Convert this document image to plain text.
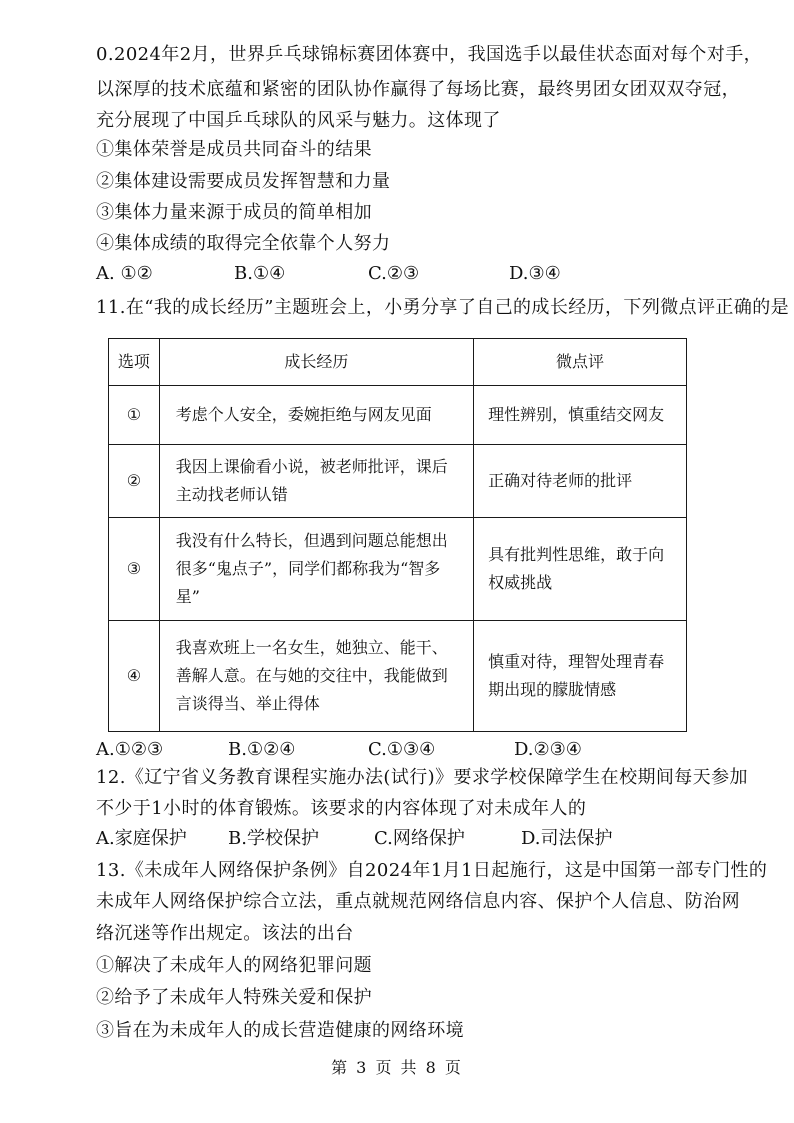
0.2024年2月，世界乒乓球锦标赛团体赛中，我国选手以最佳状态面对每个对手，
以深厚的技术底蕴和紧密的团队协作赢得了每场比赛，最终男团女团双双夺冠，
充分展现了中国乒乓球队的风采与魅力。这体现了
①集体荣誉是成员共同奋斗的结果
②集体建设需要成员发挥智慧和力量
③集体力量来源于成员的简单相加
④集体成绩的取得完全依靠个人努力
A. ①②	B.①④	C.②③	D.③④
11.在“我的成长经历”主题班会上，小勇分享了自己的成长经历，下列微点评正确的是
选项	成长经历	微点评
①	考虑个人安全，委婉拒绝与网友见面	理性辨别，慎重结交网友
②	我因上课偷看小说，被老师批评，课后主动找老师认错	正确对待老师的批评
③	我没有什么特长，但遇到问题总能想出很多“鬼点子”，同学们都称我为“智多星”	具有批判性思维，敢于向权威挑战
④	我喜欢班上一名女生，她独立、能干、善解人意。在与她的交往中，我能做到言谈得当、举止得体	慎重对待，理智处理青春期出现的朦胧情感
A.①②③	B.①②④	C.①③④	D.②③④
12.《辽宁省义务教育课程实施办法(试行)》要求学校保障学生在校期间每天参加
不少于1小时的体育锻炼。该要求的内容体现了对未成年人的
A.家庭保护 B.学校保护	C.网络保护	D.司法保护
13.《未成年人网络保护条例》自2024年1月1日起施行，这是中国第一部专门性的
未成年人网络保护综合立法，重点就规范网络信息内容、保护个人信息、防治网
络沉迷等作出规定。该法的出台
①解决了未成年人的网络犯罪问题
②给予了未成年人特殊关爱和保护
③旨在为未成年人的成长营造健康的网络环境
第 3 页 共 8 页
